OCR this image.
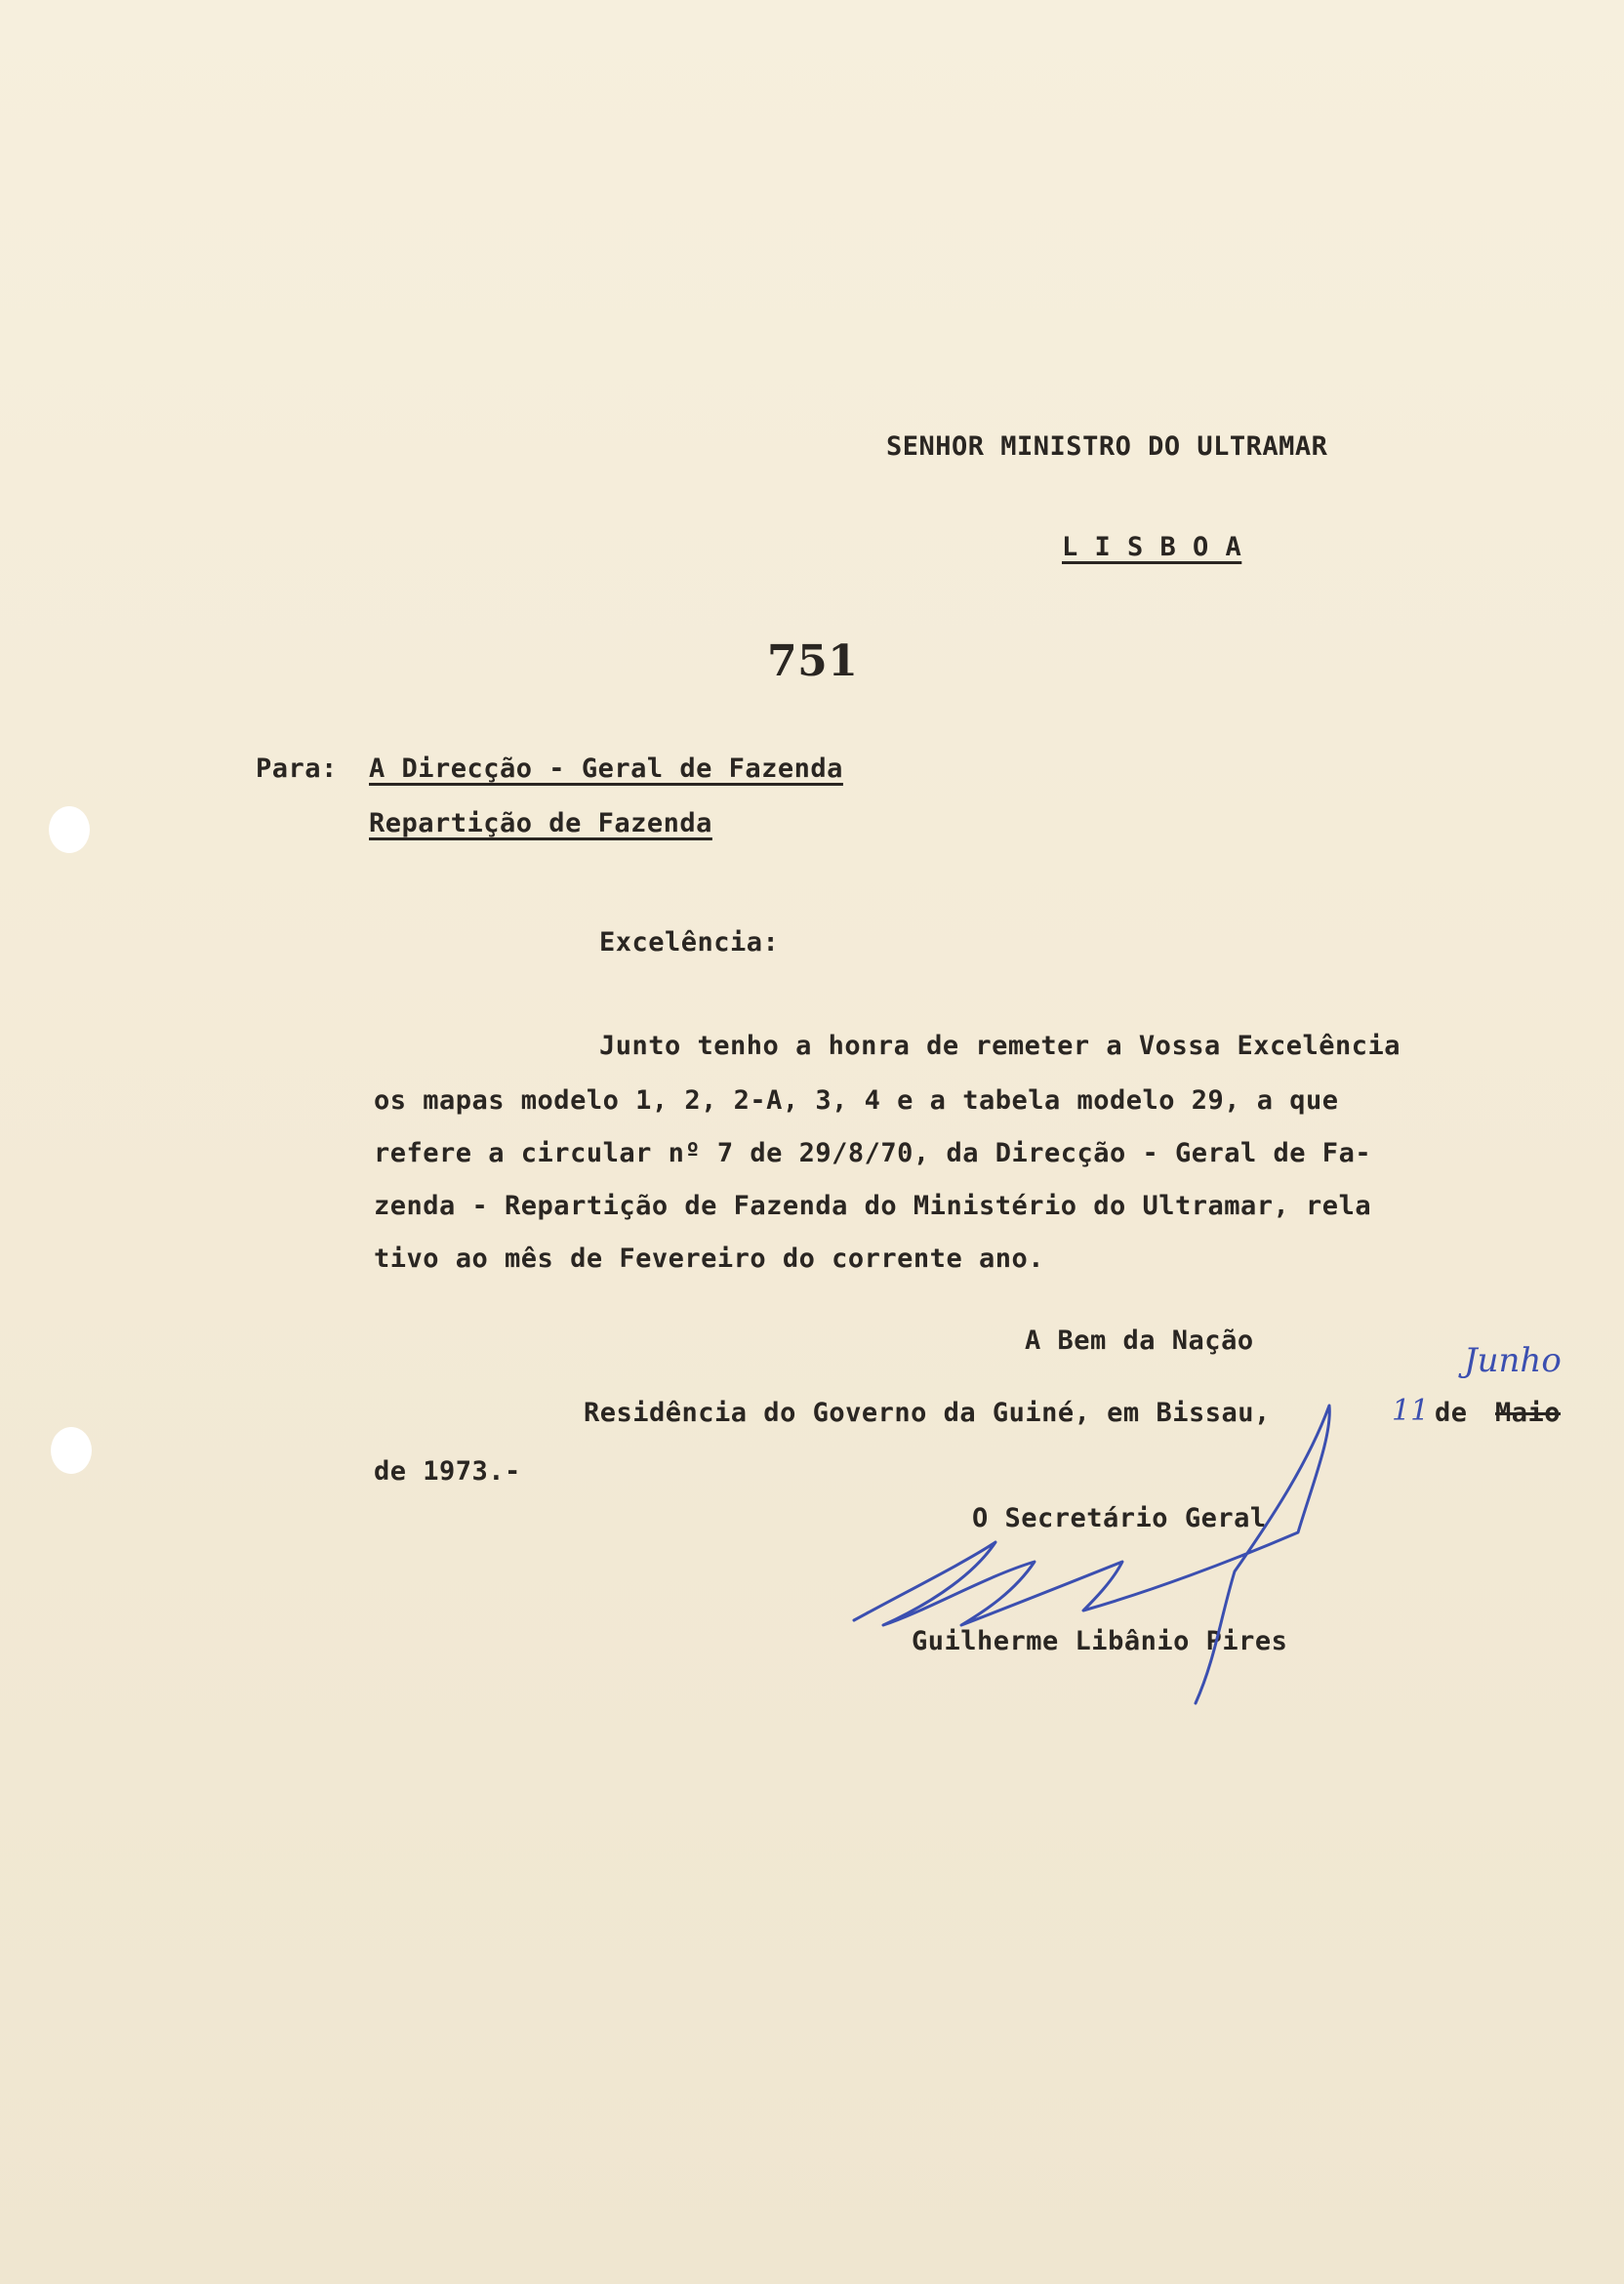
SENHOR MINISTRO DO ULTRAMAR
L I S B O A
751
Para: A Direcção - Geral de Fazenda
Repartição de Fazenda
Excelência:
Junto tenho a honra de remeter a Vossa Excelência
os mapas modelo 1, 2, 2-A, 3, 4 e a tabela modelo 29, a que
refere a circular nº 7 de 29/8/70, da Direcção - Geral de Fa-
zenda - Repartição de Fazenda do Ministério do Ultramar, rela
tivo ao mês de Fevereiro do corrente ano.
A Bem da Nação
Residência do Governo da Guiné, em Bissau,	11 de Maio
Junho
de 1973.-
O Secretário Geral
Guilherme Libânio Pires
